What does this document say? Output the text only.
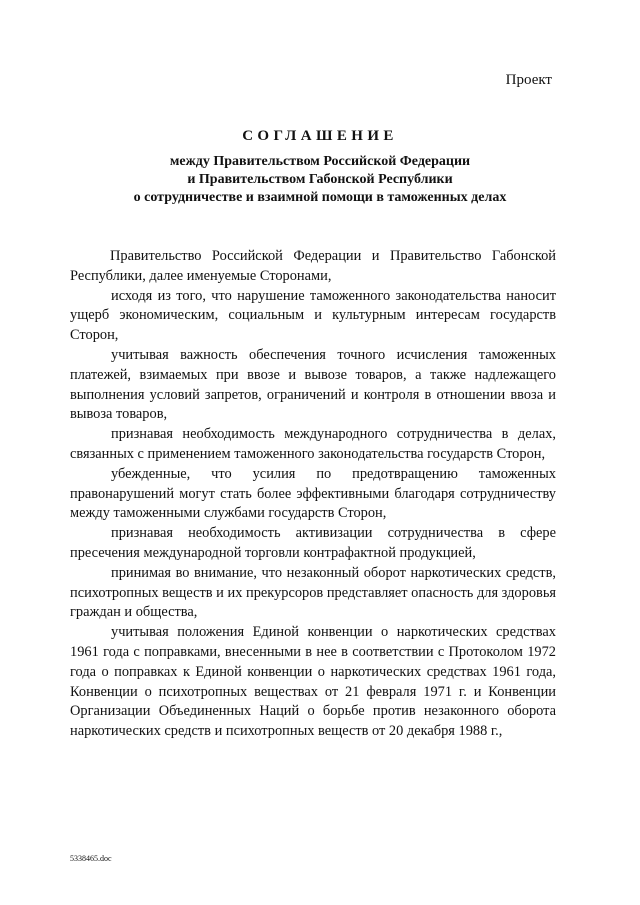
Проект
СОГЛАШЕНИЕ
между Правительством Российской Федерации
и Правительством Габонской Республики
о сотрудничестве и взаимной помощи в таможенных делах

Правительство Российской Федерации и Правительство Габонской Республики, далее именуемые Сторонами,

исходя из того, что нарушение таможенного законодательства наносит ущерб экономическим, социальным и культурным интересам государств Сторон,

учитывая важность обеспечения точного исчисления таможенных платежей, взимаемых при ввозе и вывозе товаров, а также надлежащего выполнения условий запретов, ограничений и контроля в отношении ввоза и вывоза товаров,

признавая необходимость международного сотрудничества в делах, связанных с применением таможенного законодательства государств Сторон,

убежденные, что усилия по предотвращению таможенных правонарушений могут стать более эффективными благодаря сотрудничеству между таможенными службами государств Сторон,

признавая необходимость активизации сотрудничества в сфере пресечения международной торговли контрафактной продукцией,

принимая во внимание, что незаконный оборот наркотических средств, психотропных веществ и их прекурсоров представляет опасность для здоровья граждан и общества,

учитывая положения Единой конвенции о наркотических средствах 1961 года с поправками, внесенными в нее в соответствии с Протоколом 1972 года о поправках к Единой конвенции о наркотических средствах 1961 года, Конвенции о психотропных веществах от 21 февраля 1971 г. и Конвенции Организации Объединенных Наций о борьбе против незаконного оборота наркотических средств и психотропных веществ от 20 декабря 1988 г.,

5338465.doc
